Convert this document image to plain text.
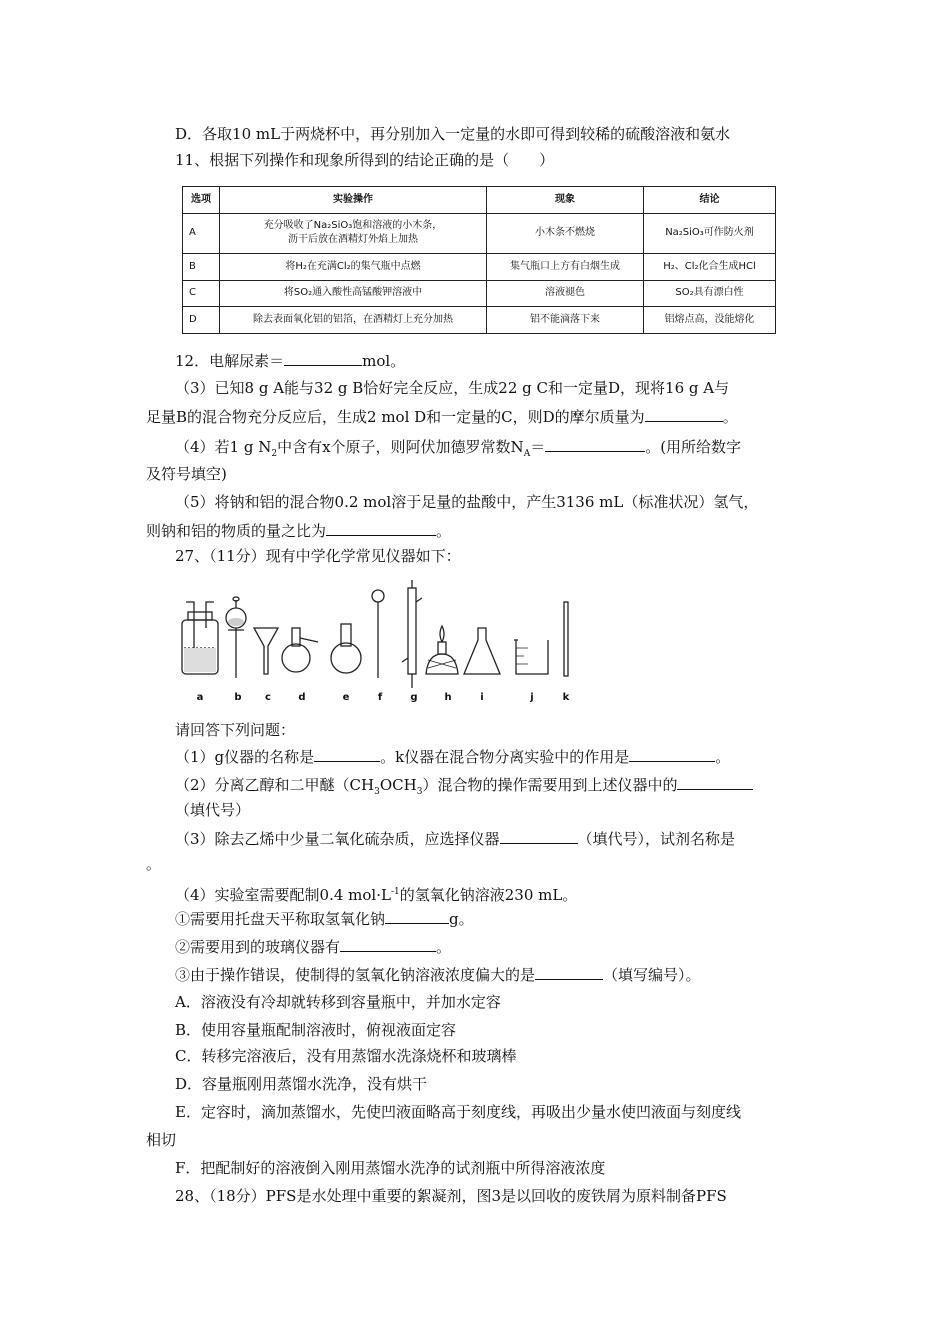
D．各取10 mL于两烧杯中，再分别加入一定量的水即可得到较稀的硫酸溶液和氨水
11、根据下列操作和现象所得到的结论正确的是（　　）
选项	实验操作	现象	结论
A	充分吸收了Na₂SiO₃饱和溶液的小木条，
沥干后放在酒精灯外焰上加热	小木条不燃烧	Na₂SiO₃可作防火剂
B	将H₂在充满Cl₂的集气瓶中点燃	集气瓶口上方有白烟生成	H₂、Cl₂化合生成HCl
C	将SO₂通入酸性高锰酸钾溶液中	溶液褪色	SO₂具有漂白性
D	除去表面氧化铝的铝箔，在酒精灯上充分加热	铝不能滴落下来	铝熔点高，没能熔化
12．电解尿素＝	mol。
（3）已知8 g A能与32 g B恰好完全反应，生成22 g C和一定量D，现将16 g A与
足量B的混合物充分反应后，生成2 mol D和一定量的C，则D的摩尔质量为	。
（4）若1 g $N_2$中含有x个原子，则阿伏加德罗常数$N_A=$	。(用所给数字
及符号填空)
（5）将钠和铝的混合物0.2 mol溶于足量的盐酸中，产生3136 mL（标准状况）氢气，
则钠和铝的物质的量之比为	。
27、（11分）现有中学化学常见仪器如下：
a	b c	d	e	f	g	h	i	j	k
请回答下列问题：
（1）g仪器的名称是	。k仪器在混合物分离实验中的作用是	。
（2）分离乙醇和二甲醚$(CH_3OCH_3)$混合物的操作需要用到上述仪器中的
（填代号）
（3）除去乙烯中少量二氧化硫杂质，应选择仪器	（填代号），试剂名称是
。
（4）实验室需要配制0.4 $mol\cdot L^{-1}$的氢氧化钠溶液230 mL。
①需要用托盘天平称取氢氧化钠	g。
②需要用到的玻璃仪器有	。
③由于操作错误，使制得的氢氧化钠溶液浓度偏大的是	（填写编号）。
A．溶液没有冷却就转移到容量瓶中，并加水定容
B．使用容量瓶配制溶液时，俯视液面定容
C．转移完溶液后，没有用蒸馏水洗涤烧杯和玻璃棒
D．容量瓶刚用蒸馏水洗净，没有烘干
E．定容时，滴加蒸馏水，先使凹液面略高于刻度线，再吸出少量水使凹液面与刻度线
相切
F．把配制好的溶液倒入刚用蒸馏水洗净的试剂瓶中所得溶液浓度
28、（18分）PFS是水处理中重要的絮凝剂，图3是以回收的废铁屑为原料制备PFS
